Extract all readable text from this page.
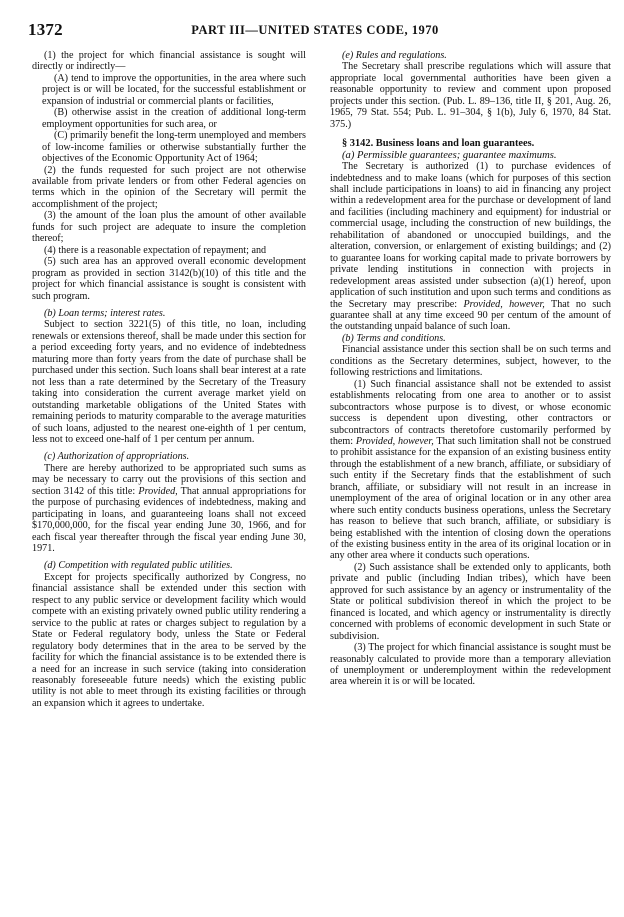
1372	PART III—UNITED STATES CODE, 1970

(1) the project for which financial assistance is sought will directly or indirectly—

(A) tend to improve the opportunities, in the area where such project is or will be located, for the successful establishment or expansion of industrial or commercial plants or facilities,

(B) otherwise assist in the creation of additional long-term employment opportunities for such area, or

(C) primarily benefit the long-term unemployed and members of low-income families or otherwise substantially further the objectives of the Economic Opportunity Act of 1964;

(2) the funds requested for such project are not otherwise available from private lenders or from other Federal agencies on terms which in the opinion of the Secretary will permit the accomplishment of the project;

(3) the amount of the loan plus the amount of other available funds for such project are adequate to insure the completion thereof;

(4) there is a reasonable expectation of repayment; and

(5) such area has an approved overall economic development program as provided in section 3142(b)(10) of this title and the project for which financial assistance is sought is consistent with such program.

(b) Loan terms; interest rates.

Subject to section 3221(5) of this title, no loan, including renewals or extensions thereof, shall be made under this section for a period exceeding forty years, and no evidence of indebtedness maturing more than forty years from the date of purchase shall be purchased under this section. Such loans shall bear interest at a rate not less than a rate determined by the Secretary of the Treasury taking into consideration the current average market yield on outstanding marketable obligations of the United States with remaining periods to maturity comparable to the average maturities of such loans, adjusted to the nearest one-eighth of 1 per centum, less not to exceed one-half of 1 per centum per annum.

(c) Authorization of appropriations.

There are hereby authorized to be appropriated such sums as may be necessary to carry out the provisions of this section and section 3142 of this title: Provided, That annual appropriations for the purpose of purchasing evidences of indebtedness, making and participating in loans, and guaranteeing loans shall not exceed $170,000,000, for the fiscal year ending June 30, 1966, and for each fiscal year thereafter through the fiscal year ending June 30, 1971.

(d) Competition with regulated public utilities.

Except for projects specifically authorized by Congress, no financial assistance shall be extended under this section with respect to any public service or development facility which would compete with an existing privately owned public utility rendering a service to the public at rates or charges subject to regulation by a State or Federal regulatory body, unless the State or Federal regulatory body determines that in the area to be served by the facility for which the financial assistance is to be extended there is a need for an increase in such service (taking into consideration reasonably foreseeable future needs) which the existing public utility is not able to meet through its existing facilities or through an expansion which it agrees to undertake.

(e) Rules and regulations.

The Secretary shall prescribe regulations which will assure that appropriate local governmental authorities have been given a reasonable opportunity to review and comment upon proposed projects under this section. (Pub. L. 89–136, title II, § 201, Aug. 26, 1965, 79 Stat. 554; Pub. L. 91–304, § 1(b), July 6, 1970, 84 Stat. 375.)

§ 3142. Business loans and loan guarantees.

(a) Permissible guarantees; guarantee maximums.

The Secretary is authorized (1) to purchase evidences of indebtedness and to make loans (which for purposes of this section shall include participations in loans) to aid in financing any project within a redevelopment area for the purchase or development of land and facilities (including machinery and equipment) for industrial or commercial usage, including the construction of new buildings, the rehabilitation of abandoned or unoccupied buildings, and the alteration, conversion, or enlargement of existing buildings; and (2) to guarantee loans for working capital made to private borrowers by private lending institutions in connection with projects in redevelopment areas assisted under subsection (a)(1) hereof, upon application of such institution and upon such terms and conditions as the Secretary may prescribe: Provided, however, That no such guarantee shall at any time exceed 90 per centum of the amount of the outstanding unpaid balance of such loan.

(b) Terms and conditions.

Financial assistance under this section shall be on such terms and conditions as the Secretary determines, subject, however, to the following restrictions and limitations.

(1) Such financial assistance shall not be extended to assist establishments relocating from one area to another or to assist subcontractors whose purpose is to divest, or whose economic success is dependent upon divesting, other contractors or subcontractors of contracts theretofore customarily performed by them: Provided, however, That such limitation shall not be construed to prohibit assistance for the expansion of an existing business entity through the establishment of a new branch, affiliate, or subsidiary of such entity if the Secretary finds that the establishment of such branch, affiliate, or subsidiary will not result in an increase in unemployment of the area of original location or in any other area where such entity conducts business operations, unless the Secretary has reason to believe that such branch, affiliate, or subsidiary is being established with the intention of closing down the operations of the existing business entity in the area of its original location or in any other area where it conducts such operations.

(2) Such assistance shall be extended only to applicants, both private and public (including Indian tribes), which have been approved for such assistance by an agency or instrumentality of the State or political subdivision thereof in which the project to be financed is located, and which agency or instrumentality is directly concerned with problems of economic development in such State or subdivision.

(3) The project for which financial assistance is sought must be reasonably calculated to provide more than a temporary alleviation of unemployment or underemployment within the redevelopment area wherein it is or will be located.
